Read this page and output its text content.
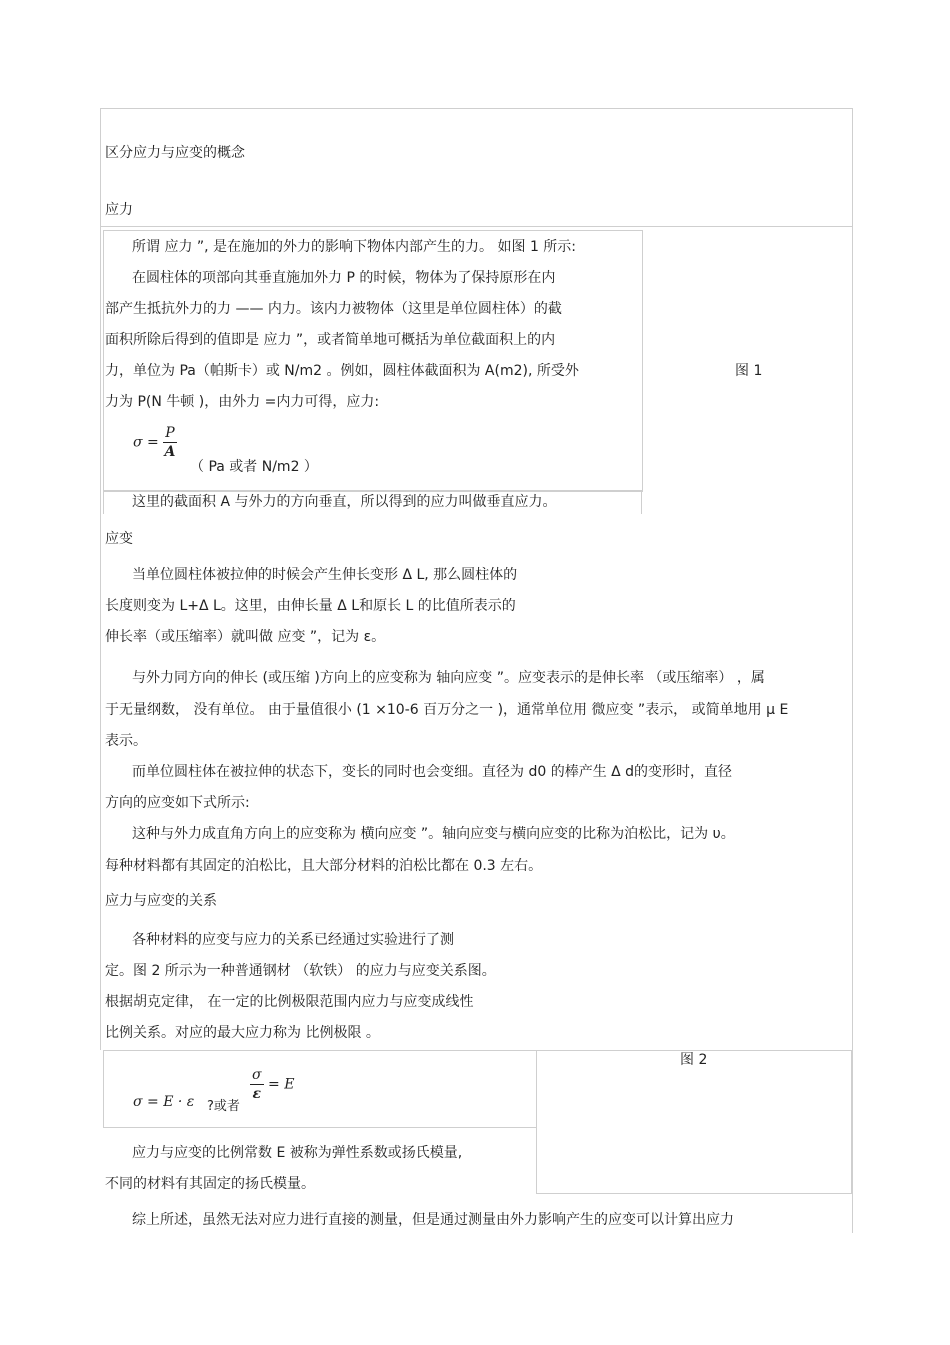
区分应力与应变的概念
应力
所谓 应力 ”, 是在施加的外力的影响下物体内部产生的力。 如图 1 所示:
在圆柱体的项部向其垂直施加外力 P 的时候，物体为了保持原形在内
部产生抵抗外力的力 —— 内力。该内力被物体（这里是单位圆柱体）的截
面积所除后得到的值即是 应力 ”，或者简单地可概括为单位截面积上的内
力，单位为 Pa（帕斯卡）或 N/m2 。例如，圆柱体截面积为 A(m2), 所受外
力为 P(N 牛顿 )，由外力 =内力可得，应力:
$\sigma = \frac{P}{A}$
（ Pa 或者 N/m2 ）
这里的截面积 A 与外力的方向垂直，所以得到的应力叫做垂直应力。
图 1
应变
当单位圆柱体被拉伸的时候会产生伸长变形 Δ L, 那么圆柱体的
长度则变为 L+Δ L。这里，由伸长量 Δ L和原长 L 的比值所表示的
伸长率（或压缩率）就叫做 应变 ”，记为 ε。
与外力同方向的伸长 (或压缩 )方向上的应变称为 轴向应变 ”。应变表示的是伸长率 （或压缩率） ，属
于无量纲数， 没有单位。 由于量值很小 (1 ×10-6 百万分之一 )，通常单位用 微应变 ”表示， 或简单地用 μ E
表示。
而单位圆柱体在被拉伸的状态下，变长的同时也会变细。直径为 d0 的棒产生 Δ d的变形时，直径
方向的应变如下式所示:
这种与外力成直角方向上的应变称为 横向应变 ”。轴向应变与横向应变的比称为泊松比，记为 υ。
每种材料都有其固定的泊松比，且大部分材料的泊松比都在 0.3 左右。
应力与应变的关系
各种材料的应变与应力的关系已经通过实验进行了测
定。图 2 所示为一种普通钢材 （软铁） 的应力与应变关系图。
根据胡克定律， 在一定的比例极限范围内应力与应变成线性
比例关系。对应的最大应力称为 比例极限 。
图 2
σ = E · ε ?或者
$\frac{\sigma}{\varepsilon} = E$
应力与应变的比例常数 E 被称为弹性系数或扬氏模量,
不同的材料有其固定的扬氏模量。
综上所述，虽然无法对应力进行直接的测量，但是通过测量由外力影响产生的应变可以计算出应力
